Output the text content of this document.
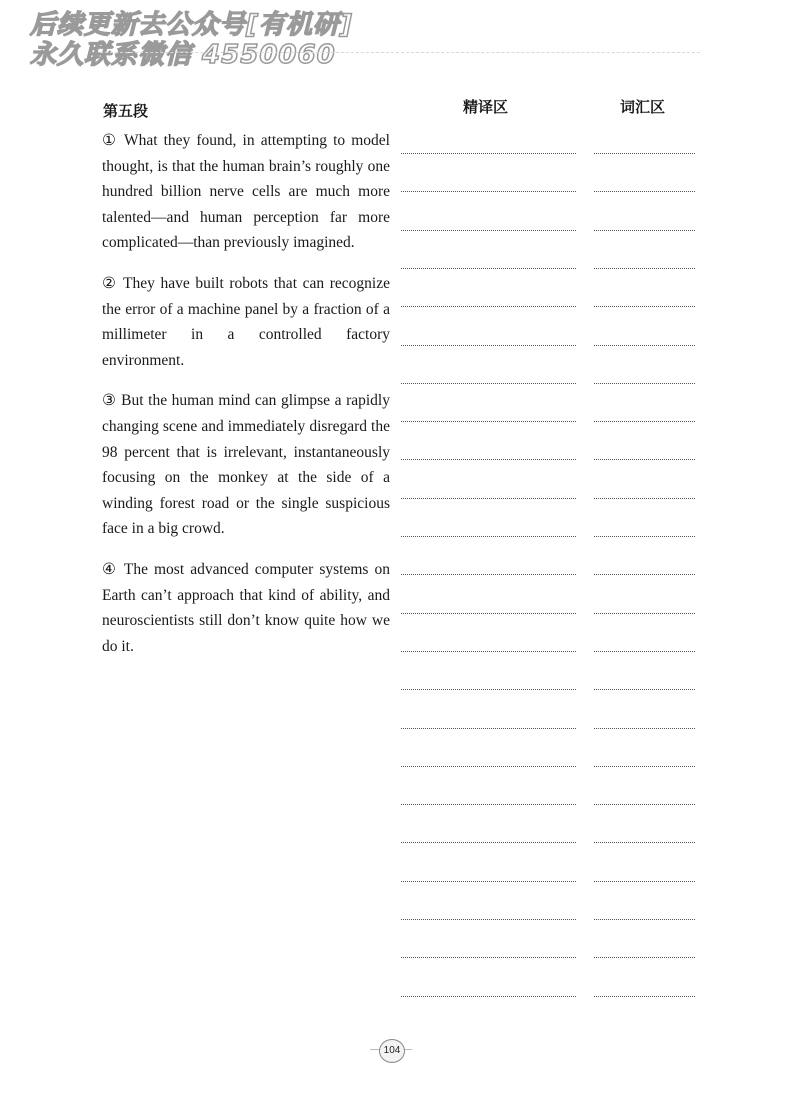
后续更新去公众号[有机研]
永久联系微信 4550060
第五段	精译区	词汇区

① What they found, in attempting to model thought, is that the human brain’s roughly one hundred billion nerve cells are much more talented—and human perception far more complicated—than previously imagined.

② They have built robots that can recognize the error of a machine panel by a fraction of a millimeter in a controlled factory environment.

③ But the human mind can glimpse a rapidly changing scene and immediately disregard the 98 percent that is irrelevant, instantaneously focusing on the monkey at the side of a winding forest road or the single suspicious face in a big crowd.

④ The most advanced computer systems on Earth can’t approach that kind of ability, and neuroscientists still don’t know quite how we do it.

104
